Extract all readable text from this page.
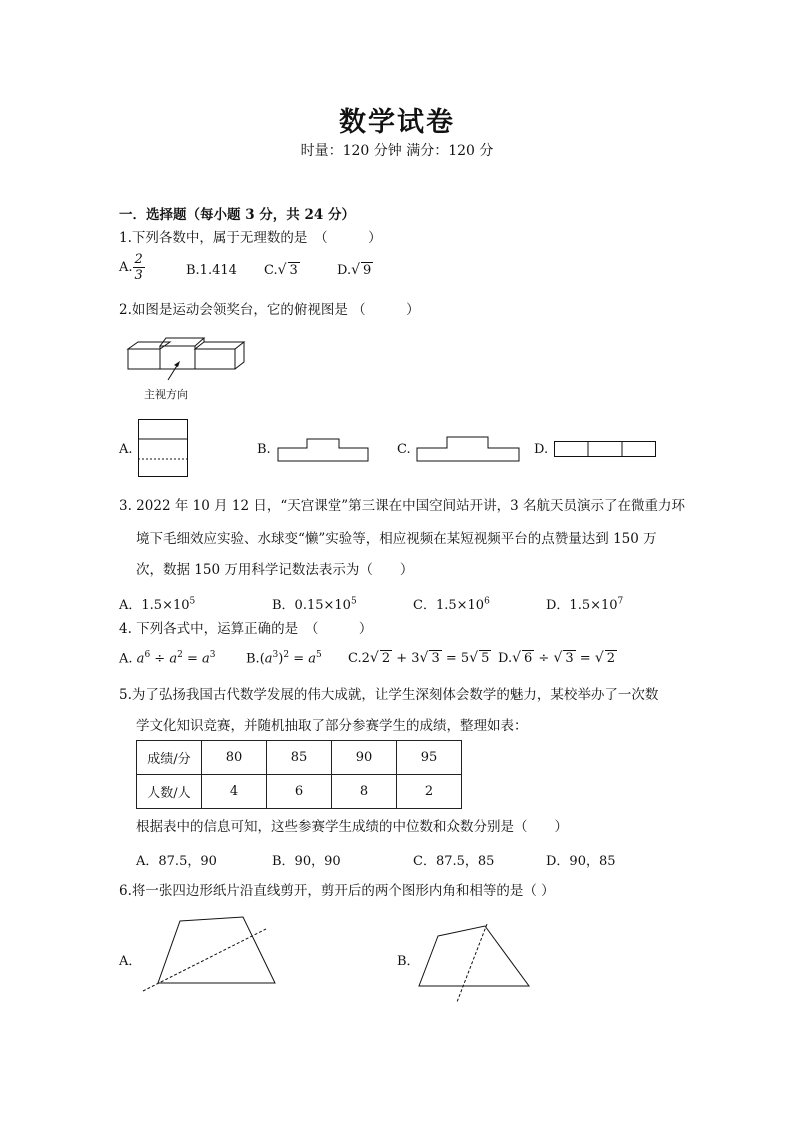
数学试卷
时量：120 分钟 满分：120 分
一．选择题（每小题 3 分，共 24 分）
1.下列各数中，属于无理数的是　（　　　）
A. $\frac{2}{3}$	B.1.414 C.√ 3	D.√ 9
2.如图是运动会领奖台，它的俯视图是 （　　　）
主视方向
A.	B.	C.	D.
3. 2022 年 10 月 12 日，“天宫课堂”第三课在中国空间站开讲，3 名航天员演示了在微重力环
境下毛细效应实验、水球变“懒”实验等，相应视频在某短视频平台的点赞量达到 150 万
次，数据 150 万用科学记数法表示为（　　）
A．$1.5\times 10^5$	B．$0.15\times 10^5$	C．$1.5\times 10^6$	D．$1.5\times 10^7$
4. 下列各式中，运算正确的是　（　　　）
A. $a^6 \div a^2 = a^3$ $B.(a^3)^2 = a^5$ C.2√ 2 + 3√ 3 = 5√ 5 D.√ 6 ÷ √ 3 = √ 2
5.为了弘扬我国古代数学发展的伟大成就，让学生深刻体会数学的魅力，某校举办了一次数
学文化知识竞赛，并随机抽取了部分参赛学生的成绩，整理如表：
成绩/分	80	85	90	95
人数/人	4	6	8	2
根据表中的信息可知，这些参赛学生成绩的中位数和众数分别是（　　）
A．87.5，90	B．90，90	C．87.5，85	D．90，85
6.将一张四边形纸片沿直线剪开，剪开后的两个图形内角和相等的是（ ）
A．	B．
